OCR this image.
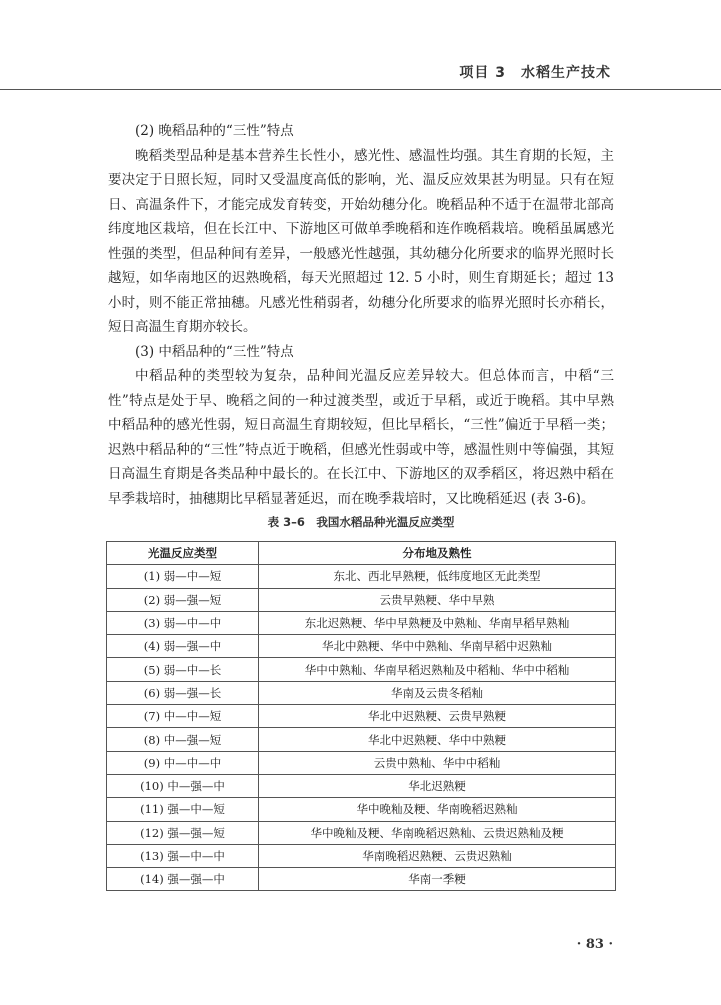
项目 3　水稻生产技术

(2) 晚稻品种的“三性”特点

晚稻类型品种是基本营养生长性小，感光性、感温性均强。其生育期的长短，主要决定于日照长短，同时又受温度高低的影响，光、温反应效果甚为明显。只有在短日、高温条件下，才能完成发育转变，开始幼穗分化。晚稻品种不适于在温带北部高纬度地区栽培，但在长江中、下游地区可做单季晚稻和连作晚稻栽培。晚稻虽属感光性强的类型，但品种间有差异，一般感光性越强，其幼穗分化所要求的临界光照时长越短，如华南地区的迟熟晚稻，每天光照超过 12. 5 小时，则生育期延长；超过 13 小时，则不能正常抽穗。凡感光性稍弱者，幼穗分化所要求的临界光照时长亦稍长，短日高温生育期亦较长。

(3) 中稻品种的“三性”特点

中稻品种的类型较为复杂，品种间光温反应差异较大。但总体而言，中稻“三性”特点是处于早、晚稻之间的一种过渡类型，或近于早稻，或近于晚稻。其中早熟中稻品种的感光性弱，短日高温生育期较短，但比早稻长，“三性”偏近于早稻一类；迟熟中稻品种的“三性”特点近于晚稻，但感光性弱或中等，感温性则中等偏强，其短日高温生育期是各类品种中最长的。在长江中、下游地区的双季稻区，将迟熟中稻在早季栽培时，抽穗期比早稻显著延迟，而在晚季栽培时，又比晚稻延迟 (表 3-6)。

表 3–6　我国水稻品种光温反应类型
光温反应类型	分布地及熟性
(1) 弱—中—短	东北、西北早熟粳，低纬度地区无此类型
(2) 弱—强—短	云贵早熟粳、华中早熟
(3) 弱—中—中	东北迟熟粳、华中早熟粳及中熟籼、华南早稻早熟籼
(4) 弱—强—中	华北中熟粳、华中中熟籼、华南早稻中迟熟籼
(5) 弱—中—长	华中中熟籼、华南早稻迟熟籼及中稻籼、华中中稻籼
(6) 弱—强—长	华南及云贵冬稻籼
(7) 中—中—短	华北中迟熟粳、云贵早熟粳
(8) 中—强—短	华北中迟熟粳、华中中熟粳
(9) 中—中—中	云贵中熟籼、华中中稻籼
(10) 中—强—中	华北迟熟粳
(11) 强—中—短	华中晚籼及粳、华南晚稻迟熟籼
(12) 强—强—短	华中晚籼及粳、华南晚稻迟熟籼、云贵迟熟籼及粳
(13) 强—中—中	华南晚稻迟熟粳、云贵迟熟籼
(14) 强—强—中	华南一季粳
· 83 ·
